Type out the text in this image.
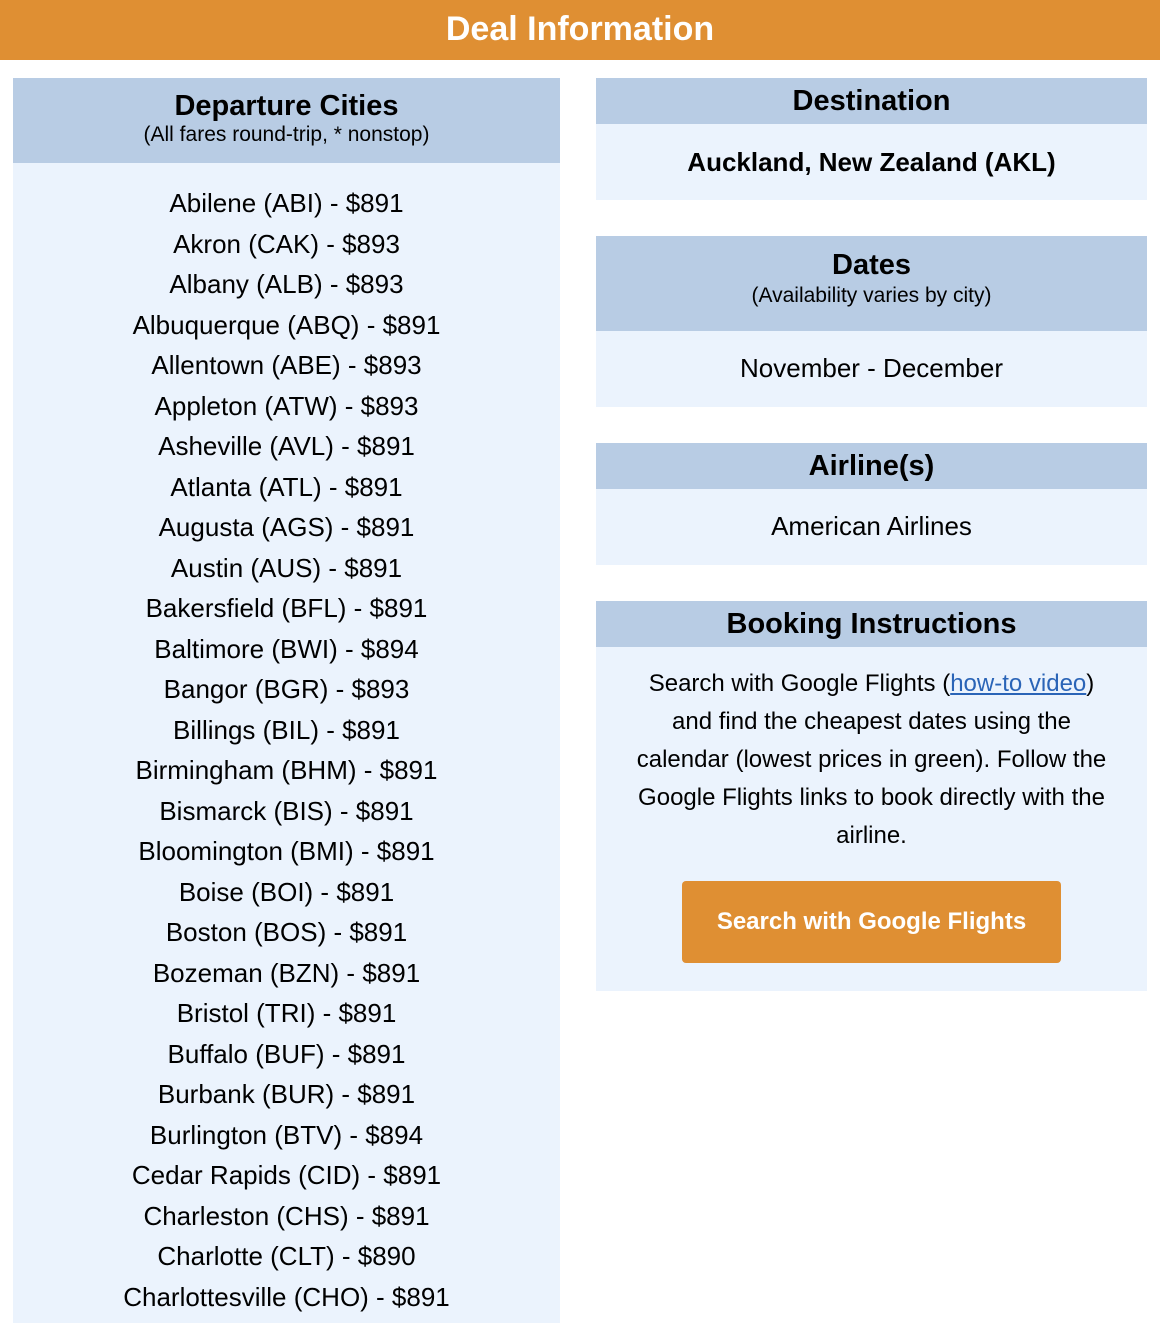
Deal Information
Departure Cities
(All fares round-trip, * nonstop)
Abilene (ABI) - $891
Akron (CAK) - $893
Albany (ALB) - $893
Albuquerque (ABQ) - $891
Allentown (ABE) - $893
Appleton (ATW) - $893
Asheville (AVL) - $891
Atlanta (ATL) - $891
Augusta (AGS) - $891
Austin (AUS) - $891
Bakersfield (BFL) - $891
Baltimore (BWI) - $894
Bangor (BGR) - $893
Billings (BIL) - $891
Birmingham (BHM) - $891
Bismarck (BIS) - $891
Bloomington (BMI) - $891
Boise (BOI) - $891
Boston (BOS) - $891
Bozeman (BZN) - $891
Bristol (TRI) - $891
Buffalo (BUF) - $891
Burbank (BUR) - $891
Burlington (BTV) - $894
Cedar Rapids (CID) - $891
Charleston (CHS) - $891
Charlotte (CLT) - $890
Charlottesville (CHO) - $891
Destination
Auckland, New Zealand (AKL)
Dates
(Availability varies by city)
November - December
Airline(s)
American Airlines
Booking Instructions
Search with Google Flights (how-to video) and find the cheapest dates using the calendar (lowest prices in green). Follow the Google Flights links to book directly with the airline.
Search with Google Flights
